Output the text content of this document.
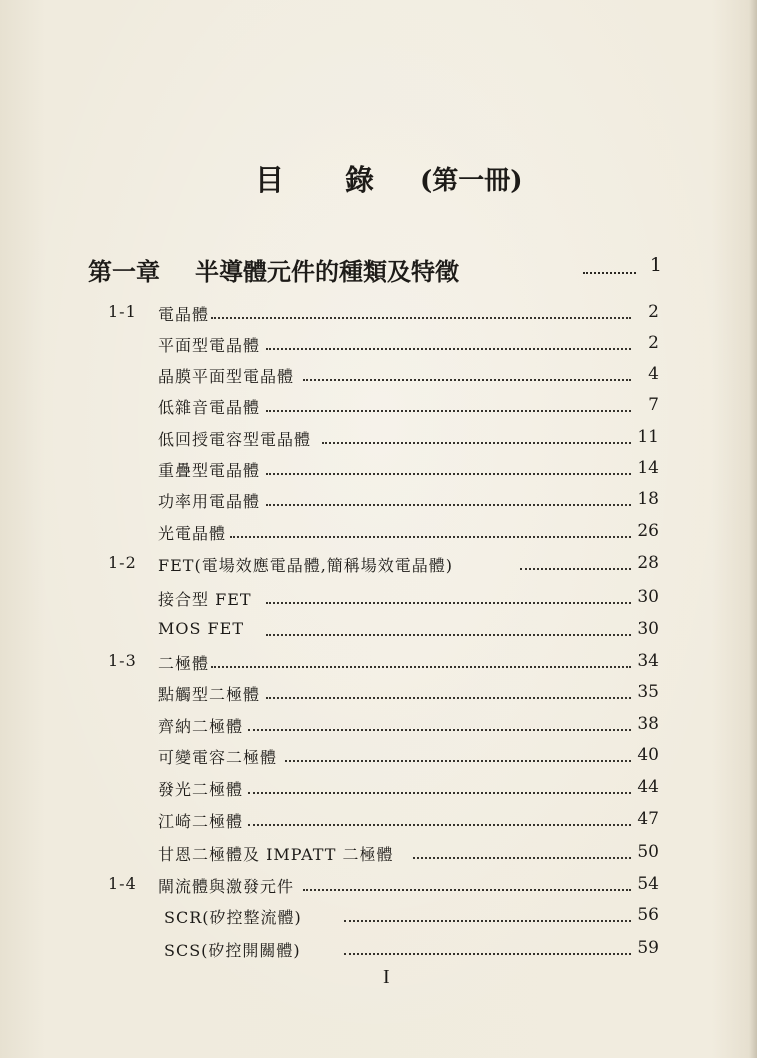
目 錄 (第一冊)
第一章 半導體元件的種類及特徵	1
1-1 電晶體	2
平面型電晶體	2
晶膜平面型電晶體	4
低雜音電晶體	7
低回授電容型電晶體	11
重疊型電晶體	14
功率用電晶體	18
光電晶體	26
1-2 FET(電場效應電晶體,簡稱場效電晶體)	28
接合型 FET	30
MOS FET	30
1-3 二極體	34
點觸型二極體	35
齊納二極體	38
可變電容二極體	40
發光二極體	44
江崎二極體	47
甘恩二極體及 IMPATT 二極體	50
1-4 閘流體與激發元件	54
SCR(矽控整流體)	56
SCS(矽控開關體)	59
I
